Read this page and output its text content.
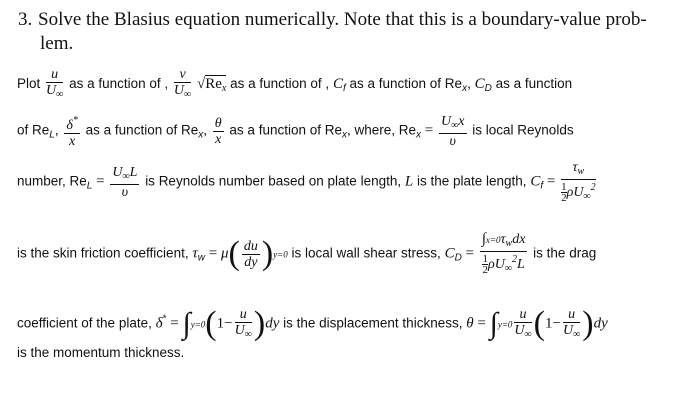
3. Solve the Blasius equation numerically. Note that this is a boundary-value prob-
lem.
Plot $\frac{u}{U_\infty}$ as a function of , $\frac{v}{U_\infty} √Re_x$ as a function of , $C_f$ as a function of $Re_x$, $C_D$ as a function
of $Re_L$, $\frac{\delta^*}{x}$ as a function of $Re_x$, $\frac{\theta}{x}$ as a function of $Re_x$, where, $Re_x = \frac{U_\infty x}{\upsilon}$ is local Reynolds
number, $Re_L = \frac{U_\infty L}{\upsilon}$ is Reynolds number based on plate length, L is the plate length, $C_f = \frac{\tau_w}{\frac{1}{2} \rho U_\infty^2}$
is the skin friction coefficient, $\tau_w = \mu( \frac{du}{dy} )y=0$ is local wall shear stress, $C_D = \frac{\int x=0\tau_wdx}{\frac{1}{2} \rho U_\infty^2L}$ is the drag
coefficient of the plate, $\delta^* = \int y=0(1- \frac{u}{U_\infty} )dy$ is the displacement thickness, $\theta = \int y=0 \frac{u}{U_\infty} (1- \frac{u}{U_\infty} )dy$
is the momentum thickness.
